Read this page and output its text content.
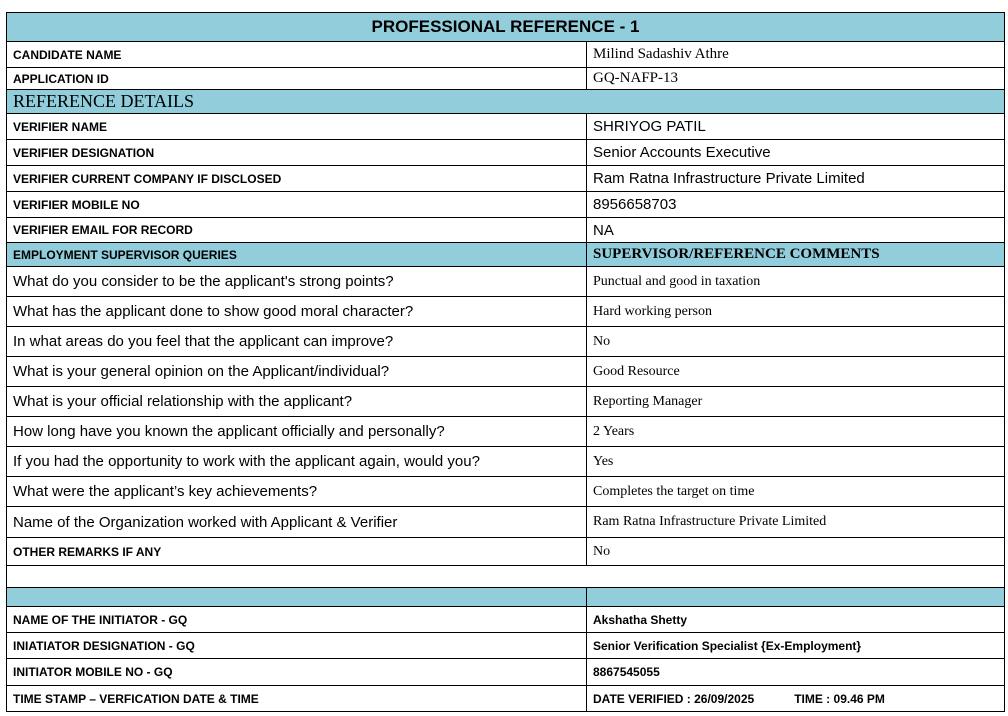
PROFESSIONAL REFERENCE - 1	
CANDIDATE NAME	Milind Sadashiv Athre
APPLICATION ID	GQ-NAFP-13
REFERENCE DETAILS	
VERIFIER NAME	SHRIYOG PATIL
VERIFIER DESIGNATION	Senior Accounts Executive
VERIFIER CURRENT COMPANY IF DISCLOSED	Ram Ratna Infrastructure Private Limited
VERIFIER MOBILE NO	8956658703
VERIFIER EMAIL FOR RECORD	NA
EMPLOYMENT SUPERVISOR QUERIES	SUPERVISOR/REFERENCE COMMENTS
What do you consider to be the applicant's strong points?	Punctual and good in taxation
What has the applicant done to show good moral character?	Hard working person
In what areas do you feel that the applicant can improve?	No
What is your general opinion on the Applicant/individual?	Good Resource
What is your official relationship with the applicant?	Reporting Manager
How long have you known the applicant officially and personally?	2 Years
If you had the opportunity to work with the applicant again, would you?	Yes
What were the applicant’s key achievements?	Completes the target on time
Name of the Organization worked with Applicant & Verifier	Ram Ratna Infrastructure Private Limited
OTHER REMARKS IF ANY	No

NAME OF THE INITIATOR - GQ	Akshatha Shetty
INIATIATOR DESIGNATION - GQ	Senior Verification Specialist {Ex-Employment}
INITIATOR MOBILE NO - GQ	8867545055
TIME STAMP – VERFICATION DATE & TIME	DATE VERIFIED : 26/09/2025 TIME : 09.46 PM
